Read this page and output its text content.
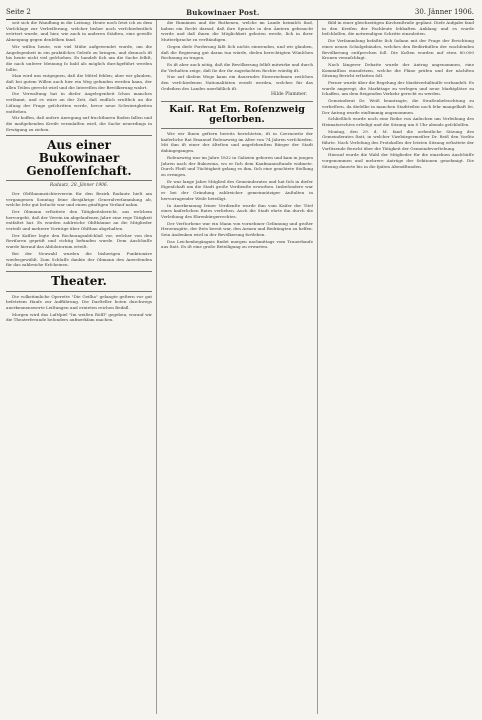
Seite 2	Bukowinaer Post.	30. Jänner 1906.

seit sich die Wandlung in die Leitung. Heute noch ſetzt ich zu dem Vorſchlage zur Verbeſſerung, welcher bisher noch verſchiedentlich erörtert wurde, und hier, wie auch in anderen Städten, eine gewiſſe Abneigung gegen denſelben fand.

Wir wiſſen heute, wie viel Mühe aufgewendet wurde, um die Angelegenheit in ein praktiſches Geleiſe zu bringen, und dennoch iſt bis heute nicht viel geſchehen. Es handelt ſich um die Sache ſelbſt, die nach unſerer Meinung ſo bald als möglich durchgeführt werden ſollte.

Man wird uns entgegnen, daß die Mittel fehlen; aber wir glauben, daß bei gutem Willen auch hier ein Weg gefunden werden kann, der allen Teilen gerecht wird und die Intereſſen der Bevölkerung wahrt.

Die Verwaltung hat in dieſer Angelegenheit ſchon manches verſäumt, und es wäre an der Zeit, daß endlich ernſtlich an die Löſung der Frage geſchritten werde, bevor neue Schwierigkeiten entſtehen.

Wir hoffen, daß unſere Anregung auf fruchtbaren Boden fallen und die maßgebenden Kreiſe veranlaſſen wird, die Sache neuerdings in Erwägung zu ziehen.

Aus einer Bukowinaer Genoſſenſchaft.
Radautz, 28. Jänner 1906.

Der Obſtbaumzüchterverein für den Bezirk Radautz hielt am vergangenen Sonntag ſeine diesjährige Generalverſammlung ab, welche ſehr gut beſucht war und einen günſtigen Verlauf nahm.

Der Obmann erſtattete den Tätigkeitsbericht, aus welchem hervorgeht, daß der Verein im abgelaufenen Jahre eine rege Tätigkeit entfaltet hat. Es wurden zahlreiche Obſtbäume an die Mitglieder verteilt und mehrere Vorträge über Obſtbau abgehalten.

Der Kaſſier legte den Rechnungsabſchluß vor, welcher von den Reviſoren geprüft und richtig befunden wurde. Dem Ausſchuſſe wurde hierauf das Abſolutorium erteilt.

Bei der Neuwahl wurden die bisherigen Funktionäre wiedergewählt. Zum Schluſſe dankte der Obmann den Anweſenden für das zahlreiche Erſcheinen.

Theater.

Die volkstümliche Operette "Die Geiſha" gelangte geſtern vor gut beſetztem Hauſe zur Aufführung. Die Darſteller boten durchwegs anerkennenswerte Leiſtungen und ernteten reichen Beifall.

Morgen wird das Luſtſpiel "Im weißen Röſſl" gegeben, worauf wir die Theaterfreunde beſonders aufmerkſam machen.

die Rumänen und die Ruthenen, welche im Lande heimiſch ſind, haben ein Recht darauf, daß ihre Sprache in den Ämtern gebraucht werde und daß ihnen die Möglichkeit geboten werde, ſich in ihrer Mutterſprache zu verſtändigen.

Gegen dieſe Forderung läßt ſich nichts einwenden, und wir glauben, daß die Regierung gut daran tun würde, dieſen berechtigten Wünſchen Rechnung zu tragen.

Es iſt aber auch nötig, daß die Bevölkerung ſelbſt mitwirke und durch ihr Verhalten zeige, daß ſie der ihr zugedachten Rechte würdig iſt.

Nur auf dieſem Wege kann ein dauerndes Einvernehmen zwiſchen den verſchiedenen Nationalitäten erzielt werden, welches für das Gedeihen des Landes unerläßlich iſt.

Hilde Plammer.
Kaiſ. Rat Em. Roſenzweig geſtorben.

Wie wir Ihnen geſtern bereits berichteten, iſt in Czernowitz der kaiſerliche Rat Emanuel Roſenzweig im Alter von 74 Jahren verſchieden. Mit ihm iſt einer der älteſten und angeſehenſten Bürger der Stadt dahingegangen.

Roſenzweig war im Jahre 1832 in Galizien geboren und kam in jungen Jahren nach der Bukowina, wo er ſich dem Kaufmannsſtande widmete. Durch Fleiß und Tüchtigkeit gelang es ihm, ſich eine geachtete Stellung zu erringen.

Er war lange Jahre Mitglied des Gemeinderates und hat ſich in dieſer Eigenſchaft um die Stadt große Verdienſte erworben. Insbeſondere war er bei der Gründung zahlreicher gemeinnütziger Anſtalten in hervorragender Weiſe beteiligt.

In Anerkennung ſeiner Verdienſte wurde ihm vom Kaiſer der Titel eines kaiſerlichen Rates verliehen. Auch die Stadt ehrte ihn durch die Verleihung des Ehrenbürgerrechtes.

Der Verſtorbene war ein Mann von vornehmer Geſinnung und großer Herzensgüte, der ſtets bereit war, den Armen und Bedrängten zu helfen. Sein Andenken wird in der Bevölkerung fortleben.

Das Leichenbegängnis findet morgen nachmittags vom Trauerhauſe aus ſtatt. Es iſt eine große Beteiligung zu erwarten.

Bild in einer gleichzeitigen Kirchenſtraße geplant. Dieſe Aufgabe fand in den Kreiſen der Fachleute lebhaften Anklang und es wurde beſchloſſen, die notwendigen Schritte einzuleiten.

Die Verſammlung befaßte ſich ſodann mit der Frage der Errichtung eines neuen Schulgebäudes, welches den Bedürfniſſen der wachſenden Bevölkerung entſprechen ſoll. Die Koſten wurden auf etwa 80.000 Kronen veranſchlagt.

Nach längerer Debatte wurde der Antrag angenommen, eine Kommiſſion einzuſetzen, welche die Pläne prüfen und der nächſten Sitzung Bericht erſtatten ſoll.

Ferner wurde über die Regelung der Marktverhältniſſe verhandelt. Es wurde angeregt, die Markttage zu verlegen und neue Marktplätze zu ſchaffen, um dem ſteigenden Verkehr gerecht zu werden.

Gemeinderat Dr. Weiß beantragte, die Straßenbeleuchtung zu verbeſſern, da dieſelbe in manchen Stadtteilen noch ſehr mangelhaft ſei. Der Antrag wurde einſtimmig angenommen.

Schließlich wurde noch eine Reihe von Anſuchen um Verleihung des Heimatsrechtes erledigt und die Sitzung um 8 Uhr abends geſchloſſen.

Montag, den 29. d. M. fand die ordentliche Sitzung des Gemeinderates ſtatt, in welcher Vizebürgermeiſter Dr. Reiß den Vorſitz führte. Nach Verleſung des Protokolles der letzten Sitzung erſtattete der Vorſitzende Bericht über die Tätigkeit der Gemeindevorſtehung.

Hierauf wurde die Wahl der Mitglieder für die einzelnen Ausſchüſſe vorgenommen und mehrere Anträge der Sektionen genehmigt. Die Sitzung dauerte bis in die ſpäten Abendſtunden.
